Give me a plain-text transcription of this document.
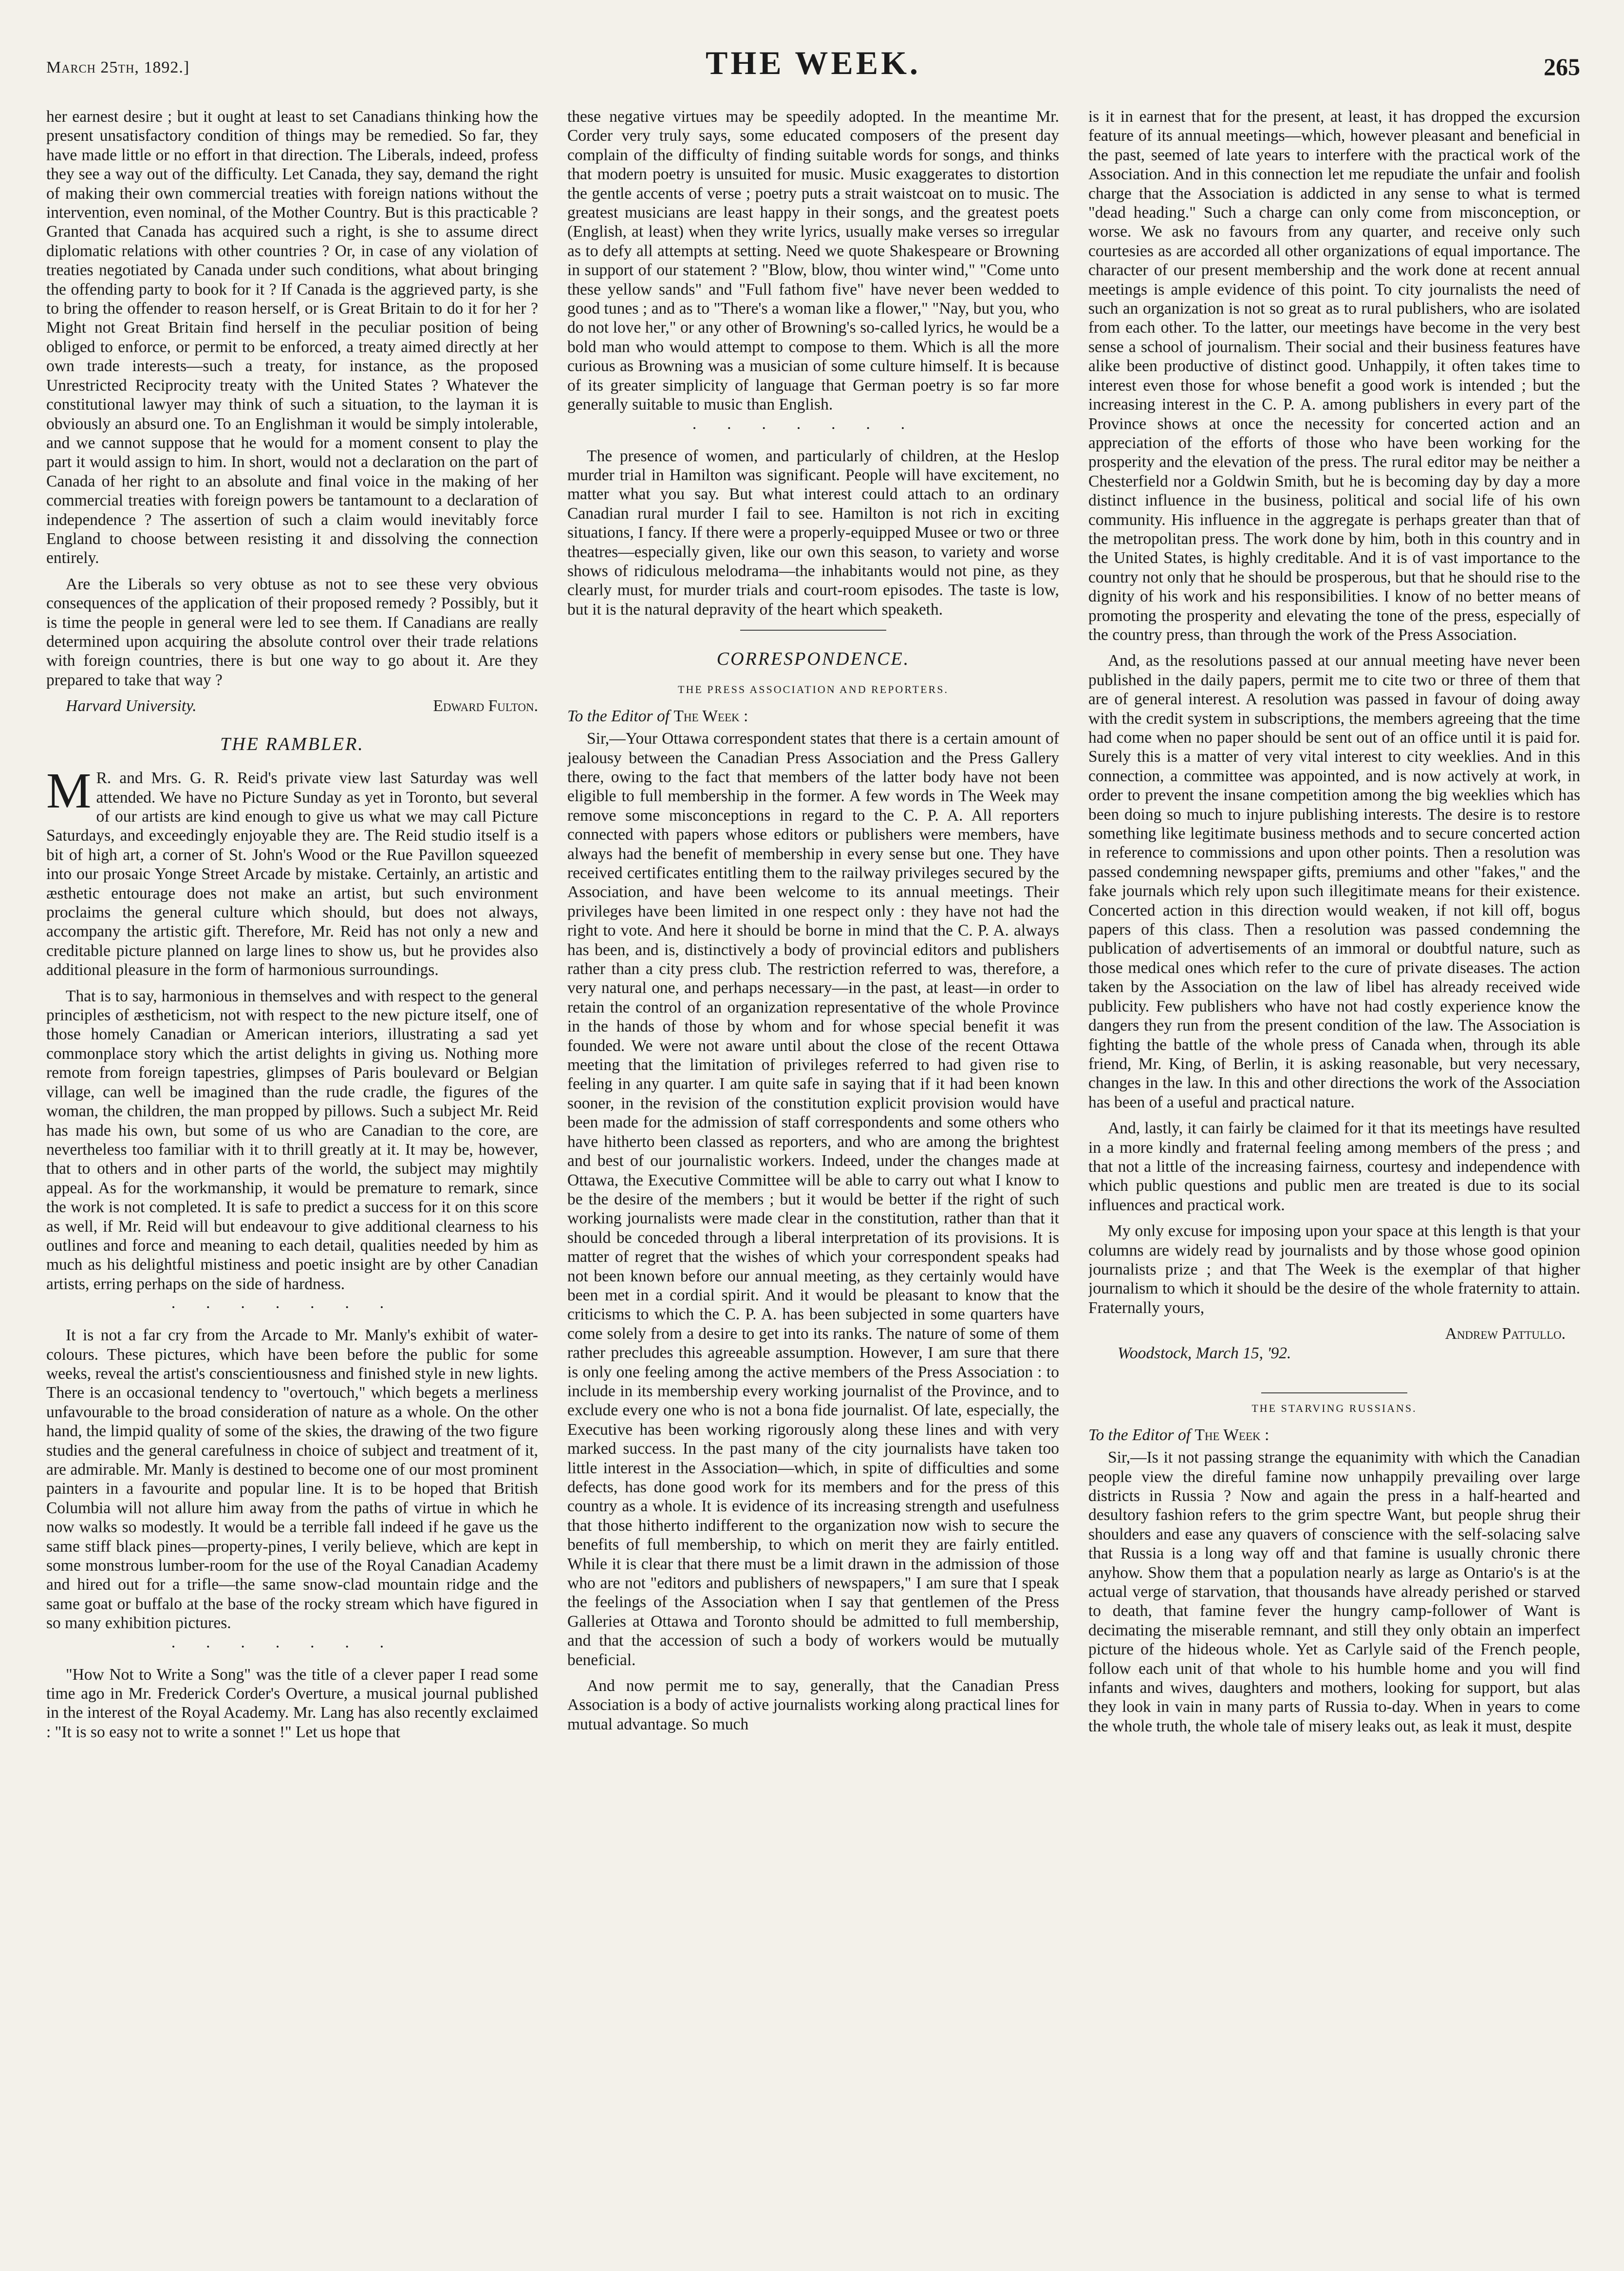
March 25th, 1892.]	THE WEEK.	265

her earnest desire ; but it ought at least to set Canadians thinking how the present unsatisfactory condition of things may be remedied. So far, they have made little or no effort in that direction. The Liberals, indeed, profess they see a way out of the difficulty. Let Canada, they say, demand the right of making their own commercial treaties with foreign nations without the intervention, even nominal, of the Mother Country. But is this practicable ? Granted that Canada has acquired such a right, is she to assume direct diplomatic relations with other countries ? Or, in case of any violation of treaties negotiated by Canada under such conditions, what about bringing the offending party to book for it ? If Canada is the aggrieved party, is she to bring the offender to reason herself, or is Great Britain to do it for her ? Might not Great Britain find herself in the peculiar position of being obliged to enforce, or permit to be enforced, a treaty aimed directly at her own trade interests—such a treaty, for instance, as the proposed Unrestricted Reciprocity treaty with the United States ? Whatever the constitutional lawyer may think of such a situation, to the layman it is obviously an absurd one. To an Englishman it would be simply intolerable, and we cannot suppose that he would for a moment consent to play the part it would assign to him. In short, would not a declaration on the part of Canada of her right to an absolute and final voice in the making of her commercial treaties with foreign powers be tantamount to a declaration of independence ? The assertion of such a claim would inevitably force England to choose between resisting it and dissolving the connection entirely.

Are the Liberals so very obtuse as not to see these very obvious consequences of the application of their proposed remedy ? Possibly, but it is time the people in general were led to see them. If Canadians are really determined upon acquiring the absolute control over their trade relations with foreign countries, there is but one way to go about it. Are they prepared to take that way ?

Harvard University.	Edward Fulton.
THE RAMBLER.

M R. and Mrs. G. R. Reid's private view last Saturday was well attended. We have no Picture Sunday as yet in Toronto, but several of our artists are kind enough to give us what we may call Picture Saturdays, and exceedingly enjoyable they are. The Reid studio itself is a bit of high art, a corner of St. John's Wood or the Rue Pavillon squeezed into our prosaic Yonge Street Arcade by mistake. Certainly, an artistic and æsthetic entourage does not make an artist, but such environment proclaims the general culture which should, but does not always, accompany the artistic gift. Therefore, Mr. Reid has not only a new and creditable picture planned on large lines to show us, but he provides also additional pleasure in the form of harmonious surroundings.

That is to say, harmonious in themselves and with respect to the general principles of æstheticism, not with respect to the new picture itself, one of those homely Canadian or American interiors, illustrating a sad yet commonplace story which the artist delights in giving us. Nothing more remote from foreign tapestries, glimpses of Paris boulevard or Belgian village, can well be imagined than the rude cradle, the figures of the woman, the children, the man propped by pillows. Such a subject Mr. Reid has made his own, but some of us who are Canadian to the core, are nevertheless too familiar with it to thrill greatly at it. It may be, however, that to others and in other parts of the world, the subject may mightily appeal. As for the workmanship, it would be premature to remark, since the work is not completed. It is safe to predict a success for it on this score as well, if Mr. Reid will but endeavour to give additional clearness to his outlines and force and meaning to each detail, qualities needed by him as much as his delightful mistiness and poetic insight are by other Canadian artists, erring perhaps on the side of hardness.

·······

It is not a far cry from the Arcade to Mr. Manly's exhibit of water-colours. These pictures, which have been before the public for some weeks, reveal the artist's conscientiousness and finished style in new lights. There is an occasional tendency to "overtouch," which begets a merliness unfavourable to the broad consideration of nature as a whole. On the other hand, the limpid quality of some of the skies, the drawing of the two figure studies and the general carefulness in choice of subject and treatment of it, are admirable. Mr. Manly is destined to become one of our most prominent painters in a favourite and popular line. It is to be hoped that British Columbia will not allure him away from the paths of virtue in which he now walks so modestly. It would be a terrible fall indeed if he gave us the same stiff black pines—property-pines, I verily believe, which are kept in some monstrous lumber-room for the use of the Royal Canadian Academy and hired out for a trifle—the same snow-clad mountain ridge and the same goat or buffalo at the base of the rocky stream which have figured in so many exhibition pictures.

·······

"How Not to Write a Song" was the title of a clever paper I read some time ago in Mr. Frederick Corder's Overture, a musical journal published in the interest of the Royal Academy. Mr. Lang has also recently exclaimed : "It is so easy not to write a sonnet !" Let us hope that

these negative virtues may be speedily adopted. In the meantime Mr. Corder very truly says, some educated composers of the present day complain of the difficulty of finding suitable words for songs, and thinks that modern poetry is unsuited for music. Music exaggerates to distortion the gentle accents of verse ; poetry puts a strait waistcoat on to music. The greatest musicians are least happy in their songs, and the greatest poets (English, at least) when they write lyrics, usually make verses so irregular as to defy all attempts at setting. Need we quote Shakespeare or Browning in support of our statement ? "Blow, blow, thou winter wind," "Come unto these yellow sands" and "Full fathom five" have never been wedded to good tunes ; and as to "There's a woman like a flower," "Nay, but you, who do not love her," or any other of Browning's so-called lyrics, he would be a bold man who would attempt to compose to them. Which is all the more curious as Browning was a musician of some culture himself. It is because of its greater simplicity of language that German poetry is so far more generally suitable to music than English.

·······

The presence of women, and particularly of children, at the Heslop murder trial in Hamilton was significant. People will have excitement, no matter what you say. But what interest could attach to an ordinary Canadian rural murder I fail to see. Hamilton is not rich in exciting situations, I fancy. If there were a properly-equipped Musee or two or three theatres—especially given, like our own this season, to variety and worse shows of ridiculous melodrama—the inhabitants would not pine, as they clearly must, for murder trials and court-room episodes. The taste is low, but it is the natural depravity of the heart which speaketh.

CORRESPONDENCE.
THE PRESS ASSOCIATION AND REPORTERS.
To the Editor of The Week :

Sir,—Your Ottawa correspondent states that there is a certain amount of jealousy between the Canadian Press Association and the Press Gallery there, owing to the fact that members of the latter body have not been eligible to full membership in the former. A few words in The Week may remove some misconceptions in regard to the C. P. A. All reporters connected with papers whose editors or publishers were members, have always had the benefit of membership in every sense but one. They have received certificates entitling them to the railway privileges secured by the Association, and have been welcome to its annual meetings. Their privileges have been limited in one respect only : they have not had the right to vote. And here it should be borne in mind that the C. P. A. always has been, and is, distinctively a body of provincial editors and publishers rather than a city press club. The restriction referred to was, therefore, a very natural one, and perhaps necessary—in the past, at least—in order to retain the control of an organization representative of the whole Province in the hands of those by whom and for whose special benefit it was founded. We were not aware until about the close of the recent Ottawa meeting that the limitation of privileges referred to had given rise to feeling in any quarter. I am quite safe in saying that if it had been known sooner, in the revision of the constitution explicit provision would have been made for the admission of staff correspondents and some others who have hitherto been classed as reporters, and who are among the brightest and best of our journalistic workers. Indeed, under the changes made at Ottawa, the Executive Committee will be able to carry out what I know to be the desire of the members ; but it would be better if the right of such working journalists were made clear in the constitution, rather than that it should be conceded through a liberal interpretation of its provisions. It is matter of regret that the wishes of which your correspondent speaks had not been known before our annual meeting, as they certainly would have been met in a cordial spirit. And it would be pleasant to know that the criticisms to which the C. P. A. has been subjected in some quarters have come solely from a desire to get into its ranks. The nature of some of them rather precludes this agreeable assumption. However, I am sure that there is only one feeling among the active members of the Press Association : to include in its membership every working journalist of the Province, and to exclude every one who is not a bona fide journalist. Of late, especially, the Executive has been working rigorously along these lines and with very marked success. In the past many of the city journalists have taken too little interest in the Association—which, in spite of difficulties and some defects, has done good work for its members and for the press of this country as a whole. It is evidence of its increasing strength and usefulness that those hitherto indifferent to the organization now wish to secure the benefits of full membership, to which on merit they are fairly entitled. While it is clear that there must be a limit drawn in the admission of those who are not "editors and publishers of newspapers," I am sure that I speak the feelings of the Association when I say that gentlemen of the Press Galleries at Ottawa and Toronto should be admitted to full membership, and that the accession of such a body of workers would be mutually beneficial.

And now permit me to say, generally, that the Canadian Press Association is a body of active journalists working along practical lines for mutual advantage. So much

is it in earnest that for the present, at least, it has dropped the excursion feature of its annual meetings—which, however pleasant and beneficial in the past, seemed of late years to interfere with the practical work of the Association. And in this connection let me repudiate the unfair and foolish charge that the Association is addicted in any sense to what is termed "dead heading." Such a charge can only come from misconception, or worse. We ask no favours from any quarter, and receive only such courtesies as are accorded all other organizations of equal importance. The character of our present membership and the work done at recent annual meetings is ample evidence of this point. To city journalists the need of such an organization is not so great as to rural publishers, who are isolated from each other. To the latter, our meetings have become in the very best sense a school of journalism. Their social and their business features have alike been productive of distinct good. Unhappily, it often takes time to interest even those for whose benefit a good work is intended ; but the increasing interest in the C. P. A. among publishers in every part of the Province shows at once the necessity for concerted action and an appreciation of the efforts of those who have been working for the prosperity and the elevation of the press. The rural editor may be neither a Chesterfield nor a Goldwin Smith, but he is becoming day by day a more distinct influence in the business, political and social life of his own community. His influence in the aggregate is perhaps greater than that of the metropolitan press. The work done by him, both in this country and in the United States, is highly creditable. And it is of vast importance to the country not only that he should be prosperous, but that he should rise to the dignity of his work and his responsibilities. I know of no better means of promoting the prosperity and elevating the tone of the press, especially of the country press, than through the work of the Press Association.

And, as the resolutions passed at our annual meeting have never been published in the daily papers, permit me to cite two or three of them that are of general interest. A resolution was passed in favour of doing away with the credit system in subscriptions, the members agreeing that the time had come when no paper should be sent out of an office until it is paid for. Surely this is a matter of very vital interest to city weeklies. And in this connection, a committee was appointed, and is now actively at work, in order to prevent the insane competition among the big weeklies which has been doing so much to injure publishing interests. The desire is to restore something like legitimate business methods and to secure concerted action in reference to commissions and upon other points. Then a resolution was passed condemning newspaper gifts, premiums and other "fakes," and the fake journals which rely upon such illegitimate means for their existence. Concerted action in this direction would weaken, if not kill off, bogus papers of this class. Then a resolution was passed condemning the publication of advertisements of an immoral or doubtful nature, such as those medical ones which refer to the cure of private diseases. The action taken by the Association on the law of libel has already received wide publicity. Few publishers who have not had costly experience know the dangers they run from the present condition of the law. The Association is fighting the battle of the whole press of Canada when, through its able friend, Mr. King, of Berlin, it is asking reasonable, but very necessary, changes in the law. In this and other directions the work of the Association has been of a useful and practical nature.

And, lastly, it can fairly be claimed for it that its meetings have resulted in a more kindly and fraternal feeling among members of the press ; and that not a little of the increasing fairness, courtesy and independence with which public questions and public men are treated is due to its social influences and practical work.

My only excuse for imposing upon your space at this length is that your columns are widely read by journalists and by those whose good opinion journalists prize ; and that The Week is the exemplar of that higher journalism to which it should be the desire of the whole fraternity to attain. Fraternally yours,

Andrew Pattullo.
Woodstock, March 15, '92.
THE STARVING RUSSIANS.
To the Editor of The Week :

Sir,—Is it not passing strange the equanimity with which the Canadian people view the direful famine now unhappily prevailing over large districts in Russia ? Now and again the press in a half-hearted and desultory fashion refers to the grim spectre Want, but people shrug their shoulders and ease any quavers of conscience with the self-solacing salve that Russia is a long way off and that famine is usually chronic there anyhow. Show them that a population nearly as large as Ontario's is at the actual verge of starvation, that thousands have already perished or starved to death, that famine fever the hungry camp-follower of Want is decimating the miserable remnant, and still they only obtain an imperfect picture of the hideous whole. Yet as Carlyle said of the French people, follow each unit of that whole to his humble home and you will find infants and wives, daughters and mothers, looking for support, but alas they look in vain in many parts of Russia to-day. When in years to come the whole truth, the whole tale of misery leaks out, as leak it must, despite
